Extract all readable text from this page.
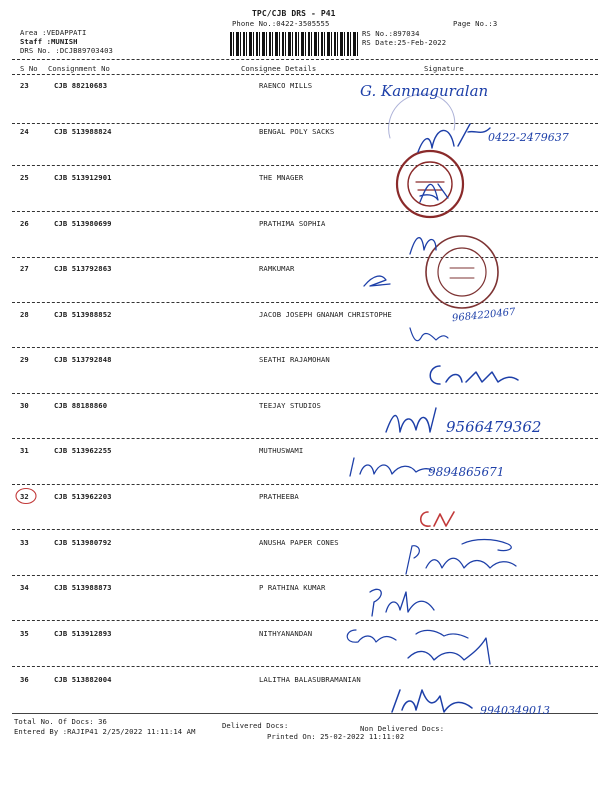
TPC/CJB DRS - P41
Phone No.:0422-3505555	Page No.:3
Area :VEDAPPATI
Staff :MUNISH
DRS No. :DCJB89703403
RS No.:897034
RS Date:25-Feb-2022
S No Consignment No	Consignee Details	Signature
23	CJB 88210683	RAENCO MILLS
24	CJB 513988824	BENGAL POLY SACKS
25	CJB 513912901	THE MNAGER
26	CJB 513980699	PRATHIMA SOPHIA
27	CJB 513792863	RAMKUMAR
28	CJB 513988852	JACOB JOSEPH GNANAM CHRISTOPHE
29	CJB 513792848	SEATHI RAJAMOHAN
30	CJB 88188860	TEEJAY STUDIOS
31	CJB 513962255	MUTHUSWAMI
32	CJB 513962203	PRATHEEBA
33	CJB 513980792	ANUSHA PAPER CONES
34	CJB 513988873	P RATHINA KUMAR
35	CJB 513912893	NITHYANANDAN
36	CJB 513882004	LALITHA BALASUBRAMANIAN
G. Kannaguralan
0422-2479637
9684220467
9566479362
9894865671
9940349013
Total No. Of Docs: 36	Delivered Docs:	Non Delivered Docs:
Entered By :RAJIP41 2/25/2022 11:11:14 AM
Printed On: 25-02-2022 11:11:02
